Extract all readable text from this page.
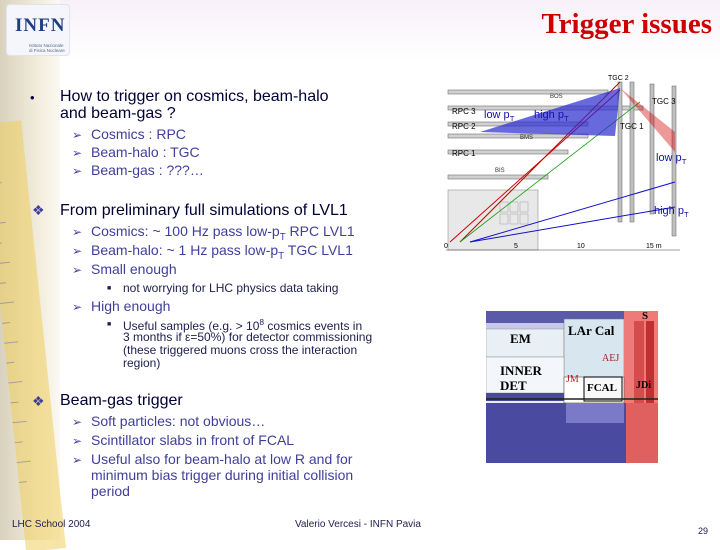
INFN
Istituto Nazionale di Fisica Nucleare
Trigger issues
• How to trigger on cosmics, beam-halo
and beam-gas ?
➢ Cosmics : RPC
➢ Beam-halo : TGC
➢ Beam-gas : ???…
❖ From preliminary full simulations of LVL1
➢ Cosmics: ~ 100 Hz pass low-$p_T$ RPC LVL1
➢ Beam-halo: ~ 1 Hz pass low-$p_T$ TGC LVL1
➢ Small enough
■ not worrying for LHC physics data taking
➢ High enough
■ Useful samples (e.g. > $10^8$ cosmics events in
3 months if ε=50%) for detector commissioning
(these triggered muons cross the interaction
region)
❖ Beam-gas trigger
➢ Soft particles: not obvious…
➢ Scintillator slabs in front of FCAL
➢ Useful also for beam-halo at low R and for
minimum bias trigger during initial collision
period
TGC 2
TGC 3
TGC 1
RPC 3
RPC 2
RPC 1
BOS
BMS
BIS
low $p_T$ high $p_T$
low $p_T$
high $p_T$
0	5	10	15 m
EM
LAr Cal
S
AEJ
INNER
DET	JM
FCAL JDi
LHC School 2004	Valerio Vercesi - INFN Pavia
29
